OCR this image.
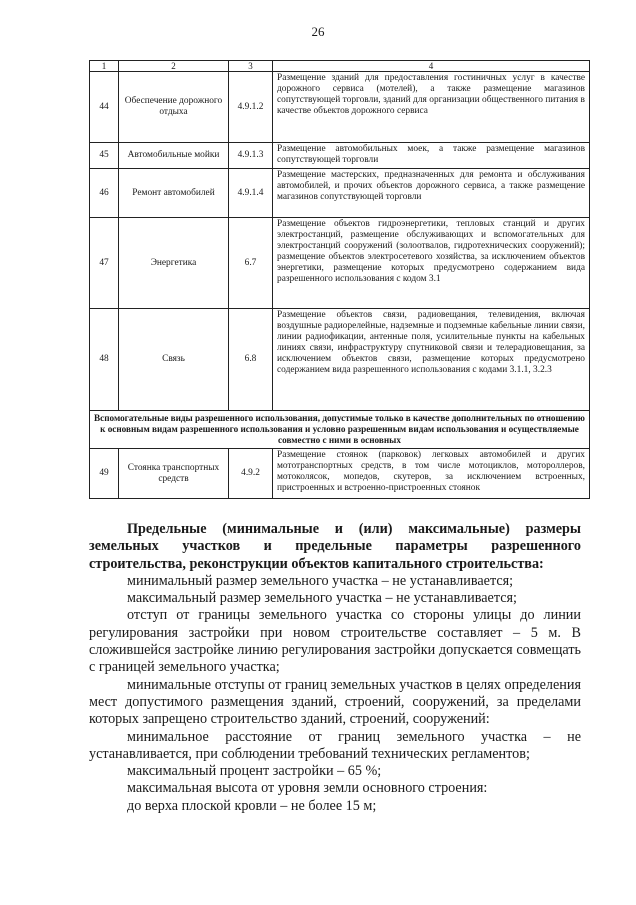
26
1	2	3	4
44	Обеспечение дорожного отдыха	4.9.1.2	Размещение зданий для предоставления гостиничных услуг в качестве дорожного сервиса (мотелей), а также размещение магазинов сопутствующей торговли, зданий для организации общественного питания в качестве объектов дорожного сервиса
45	Автомобильные мойки	4.9.1.3	Размещение автомобильных моек, а также размещение магазинов сопутствующей торговли
46	Ремонт автомобилей	4.9.1.4	Размещение мастерских, предназначенных для ремонта и обслуживания автомобилей, и прочих объектов дорожного сервиса, а также размещение магазинов сопутствующей торговли
47	Энергетика	6.7	Размещение объектов гидроэнергетики, тепловых станций и других электростанций, размещение обслуживающих и вспомогательных для электростанций сооружений (золоотвалов, гидротехнических сооружений); размещение объектов электросетевого хозяйства, за исключением объектов энергетики, размещение которых предусмотрено содержанием вида разрешенного использования с кодом 3.1
48	Связь	6.8	Размещение объектов связи, радиовещания, телевидения, включая воздушные радиорелейные, надземные и подземные кабельные линии связи, линии радиофикации, антенные поля, усилительные пункты на кабельных линиях связи, инфраструктуру спутниковой связи и телерадиовещания, за исключением объектов связи, размещение которых предусмотрено содержанием вида разрешенного использования с кодами 3.1.1, 3.2.3
Вспомогательные виды разрешенного использования, допустимые только в качестве дополнительных по отношению к основным видам разрешенного использования и условно разрешенным видам использования и осуществляемые совместно с ними в основных			
49	Стоянка транспортных средств	4.9.2	Размещение стоянок (парковок) легковых автомобилей и других мототранспортных средств, в том числе мотоциклов, мотороллеров, мотоколясок, мопедов, скутеров, за исключением встроенных, пристроенных и встроенно-пристроенных стоянок

Предельные (минимальные и (или) максимальные) размеры земельных участков и предельные параметры разрешенного строительства, реконструкции объектов капитального строительства:

минимальный размер земельного участка – не устанавливается;

максимальный размер земельного участка – не устанавливается;

отступ от границы земельного участка со стороны улицы до линии регулирования застройки при новом строительстве составляет – 5 м. В сложившейся застройке линию регулирования застройки допускается совмещать с границей земельного участка;

минимальные отступы от границ земельных участков в целях определения мест допустимого размещения зданий, строений, сооружений, за пределами которых запрещено строительство зданий, строений, сооружений:

минимальное расстояние от границ земельного участка – не устанавливается, при соблюдении требований технических регламентов;

максимальный процент застройки – 65 %;

максимальная высота от уровня земли основного строения:

до верха плоской кровли – не более 15 м;
